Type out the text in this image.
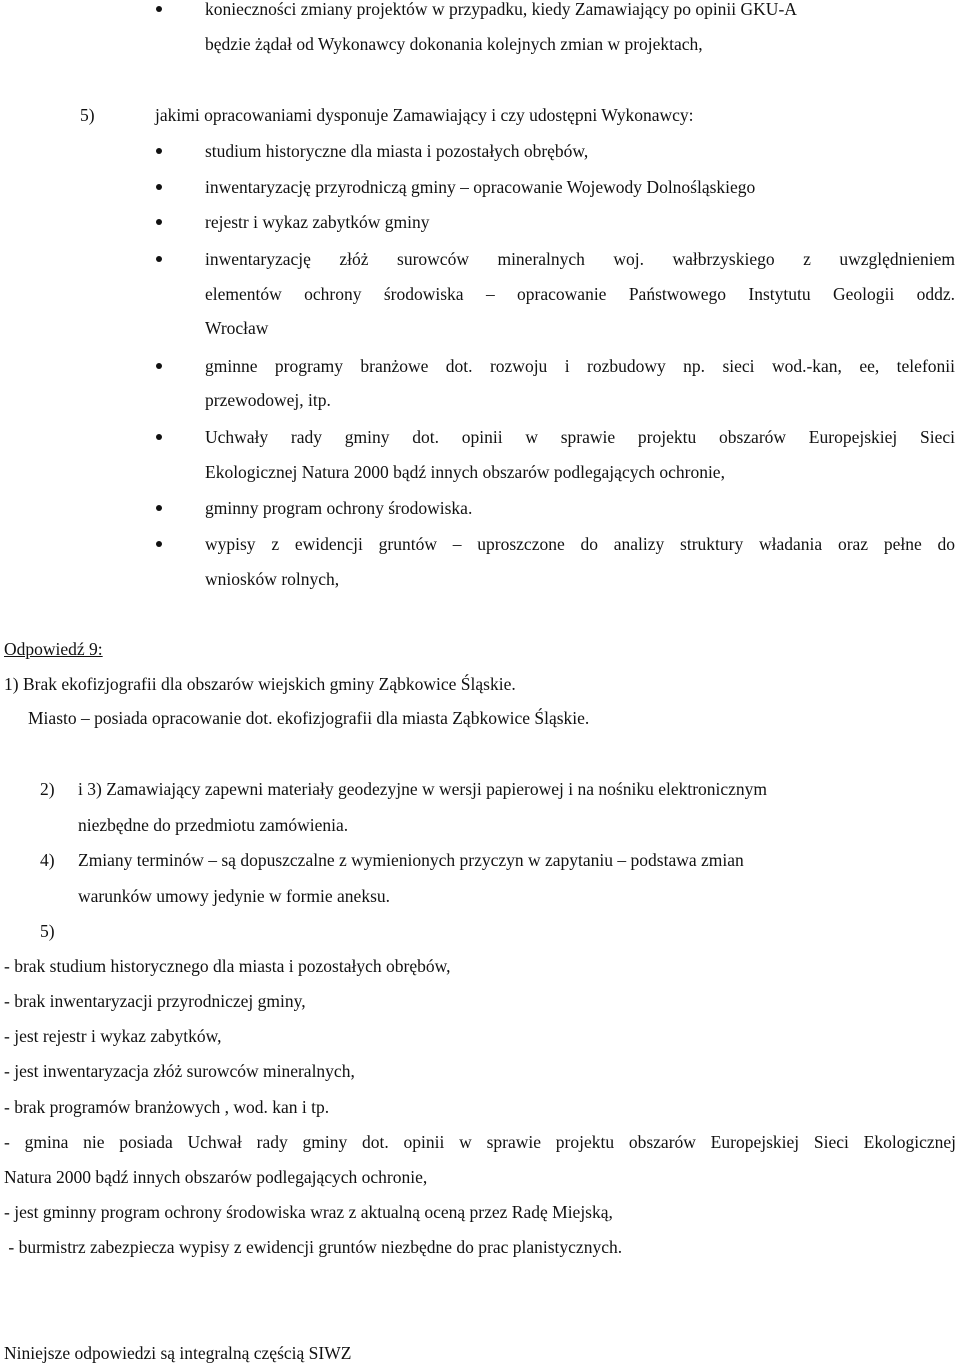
konieczności zmiany projektów w przypadku, kiedy Zamawiający po opinii GKU-A
będzie żądał od Wykonawcy dokonania kolejnych zmian w projektach,
5)	jakimi opracowaniami dysponuje Zamawiający i czy udostępni Wykonawcy:
studium historyczne dla miasta i pozostałych obrębów,
inwentaryzację przyrodniczą gminy – opracowanie Wojewody Dolnośląskiego
rejestr i wykaz zabytków gminy
inwentaryzację złóż surowców mineralnych woj. wałbrzyskiego z uwzględnieniem
elementów ochrony środowiska – opracowanie Państwowego Instytutu Geologii oddz.
Wrocław
gminne programy branżowe dot. rozwoju i rozbudowy np. sieci wod.-kan, ee, telefonii
przewodowej, itp.
Uchwały rady gminy dot. opinii w sprawie projektu obszarów Europejskiej Sieci
Ekologicznej Natura 2000 bądź innych obszarów podlegających ochronie,
gminny program ochrony środowiska.
wypisy z ewidencji gruntów – uproszczone do analizy struktury władania oraz pełne do
wniosków rolnych,
Odpowiedź 9:
1) Brak ekofizjografii dla obszarów wiejskich gminy Ząbkowice Śląskie.
Miasto – posiada opracowanie dot. ekofizjografii dla miasta Ząbkowice Śląskie.
2) i 3) Zamawiający zapewni materiały geodezyjne w wersji papierowej i na nośniku elektronicznym
niezbędne do przedmiotu zamówienia.
4) Zmiany terminów – są dopuszczalne z wymienionych przyczyn w zapytaniu – podstawa zmian
warunków umowy jedynie w formie aneksu.
5)
- brak studium historycznego dla miasta i pozostałych obrębów,
- brak inwentaryzacji przyrodniczej gminy,
- jest rejestr i wykaz zabytków,
- jest inwentaryzacja złóż surowców mineralnych,
- brak programów branżowych , wod. kan i tp.
- gmina nie posiada Uchwał rady gminy dot. opinii w sprawie projektu obszarów Europejskiej Sieci Ekologicznej
Natura 2000 bądź innych obszarów podlegających ochronie,
- jest gminny program ochrony środowiska wraz z aktualną oceną przez Radę Miejską,
- burmistrz zabezpiecza wypisy z ewidencji gruntów niezbędne do prac planistycznych.
Niniejsze odpowiedzi są integralną częścią SIWZ
